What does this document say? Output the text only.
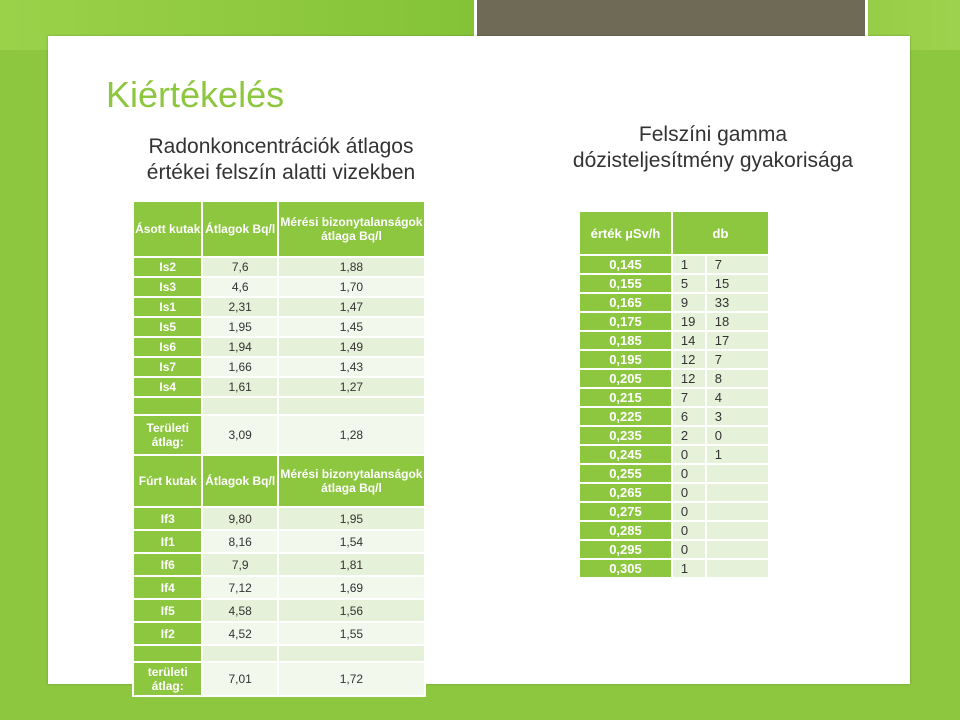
Kiértékelés
Radonkoncentrációk átlagos értékei felszín alatti vizekben
Felszíni gamma dózisteljesítmény gyakorisága
Ásott kutak	Átlagok Bq/l	Mérési bizonytalanságok átlaga Bq/l
Is2	7,6	1,88
Is3	4,6	1,70
Is1	2,31	1,47
Is5	1,95	1,45
Is6	1,94	1,49
Is7	1,66	1,43
Is4	1,61	1,27

Területi átlag:	3,09	1,28
Fúrt kutak	Átlagok Bq/l	Mérési bizonytalanságok átlaga Bq/l
If3	9,80	1,95
If1	8,16	1,54
If6	7,9	1,81
If4	7,12	1,69
If5	4,58	1,56
If2	4,52	1,55

területi átlag:	7,01	1,72
érték µSv/h	db	
0,145	1	7
0,155	5	15
0,165	9	33
0,175	19	18
0,185	14	17
0,195	12	7
0,205	12	8
0,215	7	4
0,225	6	3
0,235	2	0
0,245	0	1
0,255	0	
0,265	0	
0,275	0	
0,285	0	
0,295	0	
0,305	1	
